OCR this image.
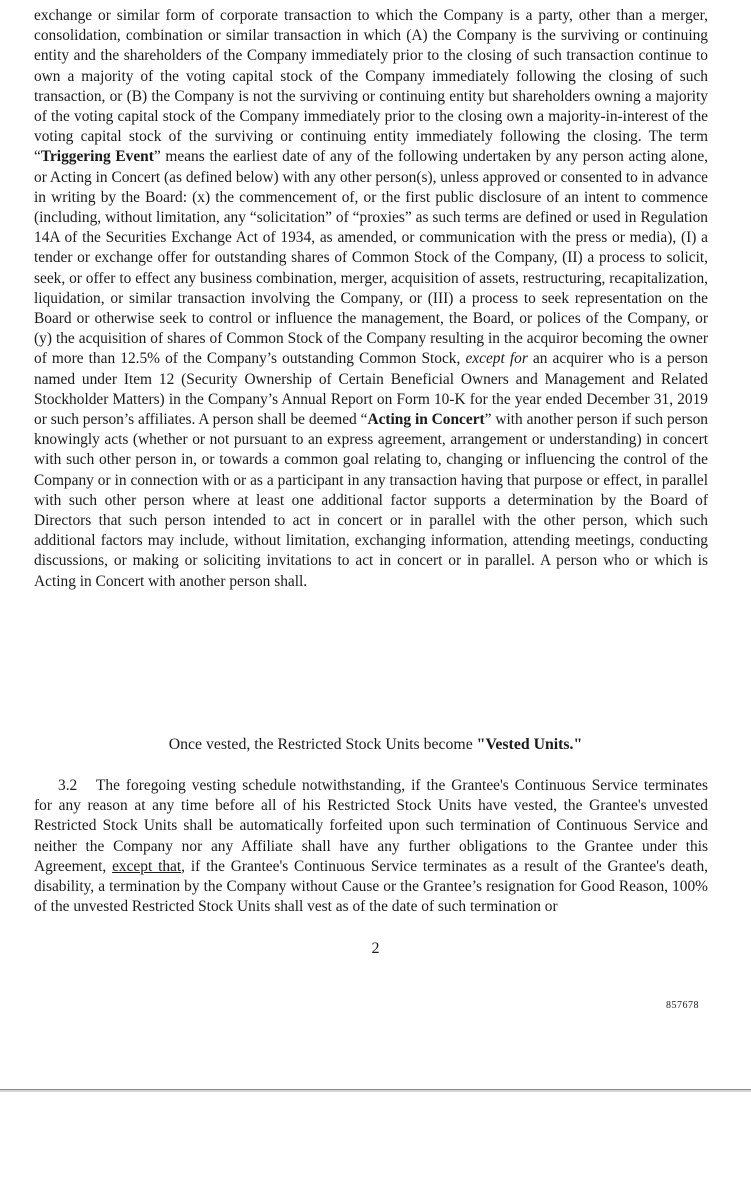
exchange or similar form of corporate transaction to which the Company is a party, other than a merger, consolidation, combination or similar transaction in which (A) the Company is the surviving or continuing entity and the shareholders of the Company immediately prior to the closing of such transaction continue to own a majority of the voting capital stock of the Company immediately following the closing of such transaction, or (B) the Company is not the surviving or continuing entity but shareholders owning a majority of the voting capital stock of the Company immediately prior to the closing own a majority-in-interest of the voting capital stock of the surviving or continuing entity immediately following the closing. The term “Triggering Event” means the earliest date of any of the following undertaken by any person acting alone, or Acting in Concert (as defined below) with any other person(s), unless approved or consented to in advance in writing by the Board: (x) the commencement of, or the first public disclosure of an intent to commence (including, without limitation, any “solicitation” of “proxies” as such terms are defined or used in Regulation 14A of the Securities Exchange Act of 1934, as amended, or communication with the press or media), (I) a tender or exchange offer for outstanding shares of Common Stock of the Company, (II) a process to solicit, seek, or offer to effect any business combination, merger, acquisition of assets, restructuring, recapitalization, liquidation, or similar transaction involving the Company, or (III) a process to seek representation on the Board or otherwise seek to control or influence the management, the Board, or polices of the Company, or (y) the acquisition of shares of Common Stock of the Company resulting in the acquiror becoming the owner of more than 12.5% of the Company’s outstanding Common Stock, except for an acquirer who is a person named under Item 12 (Security Ownership of Certain Beneficial Owners and Management and Related Stockholder Matters) in the Company’s Annual Report on Form 10-K for the year ended December 31, 2019 or such person’s affiliates. A person shall be deemed “Acting in Concert” with another person if such person knowingly acts (whether or not pursuant to an express agreement, arrangement or understanding) in concert with such other person in, or towards a common goal relating to, changing or influencing the control of the Company or in connection with or as a participant in any transaction having that purpose or effect, in parallel with such other person where at least one additional factor supports a determination by the Board of Directors that such person intended to act in concert or in parallel with the other person, which such additional factors may include, without limitation, exchanging information, attending meetings, conducting discussions, or making or soliciting invitations to act in concert or in parallel. A person who or which is Acting in Concert with another person shall.

Once vested, the Restricted Stock Units become "Vested Units."
3.2 The foregoing vesting schedule notwithstanding, if the Grantee's Continuous Service terminates for any reason at any time before all of his Restricted Stock Units have vested, the Grantee's unvested Restricted Stock Units shall be automatically forfeited upon such termination of Continuous Service and neither the Company nor any Affiliate shall have any further obligations to the Grantee under this Agreement, except that, if the Grantee's Continuous Service terminates as a result of the Grantee's death, disability, a termination by the Company without Cause or the Grantee’s resignation for Good Reason, 100% of the unvested Restricted Stock Units shall vest as of the date of such termination or
2
857678
